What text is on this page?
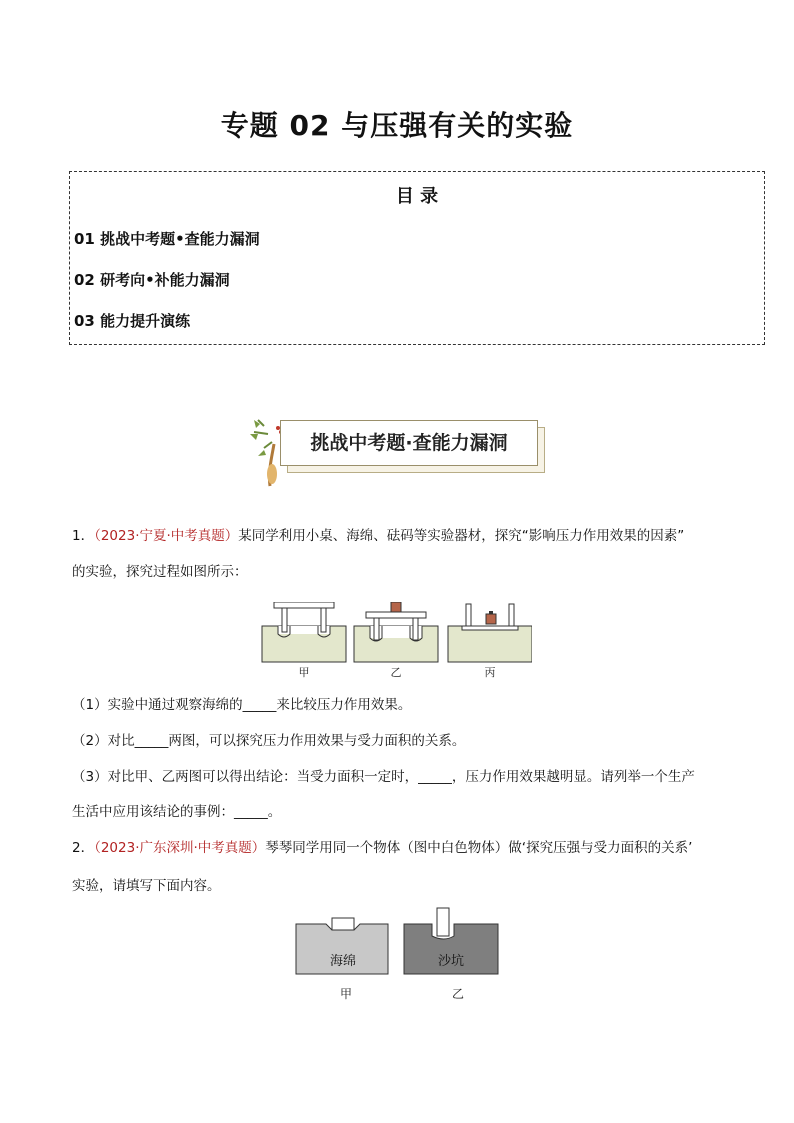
专题 02 与压强有关的实验
目 录
01 挑战中考题•查能力漏洞
02 研考向•补能力漏洞
03 能力提升演练
挑战中考题·查能力漏洞
1．（2023·宁夏·中考真题）某同学利用小桌、海绵、砝码等实验器材，探究“影响压力作用效果的因素”
的实验，探究过程如图所示：
甲	乙	丙
（1）实验中通过观察海绵的_____来比较压力作用效果。
（2）对比_____两图，可以探究压力作用效果与受力面积的关系。
（3）对比甲、乙两图可以得出结论：当受力面积一定时，_____，压力作用效果越明显。请列举一个生产
生活中应用该结论的事例：_____。
2．（2023·广东深圳·中考真题）琴琴同学用同一个物体（图中白色物体）做‘探究压强与受力面积的关系’
实验，请填写下面内容。
海绵	沙坑
甲	乙
